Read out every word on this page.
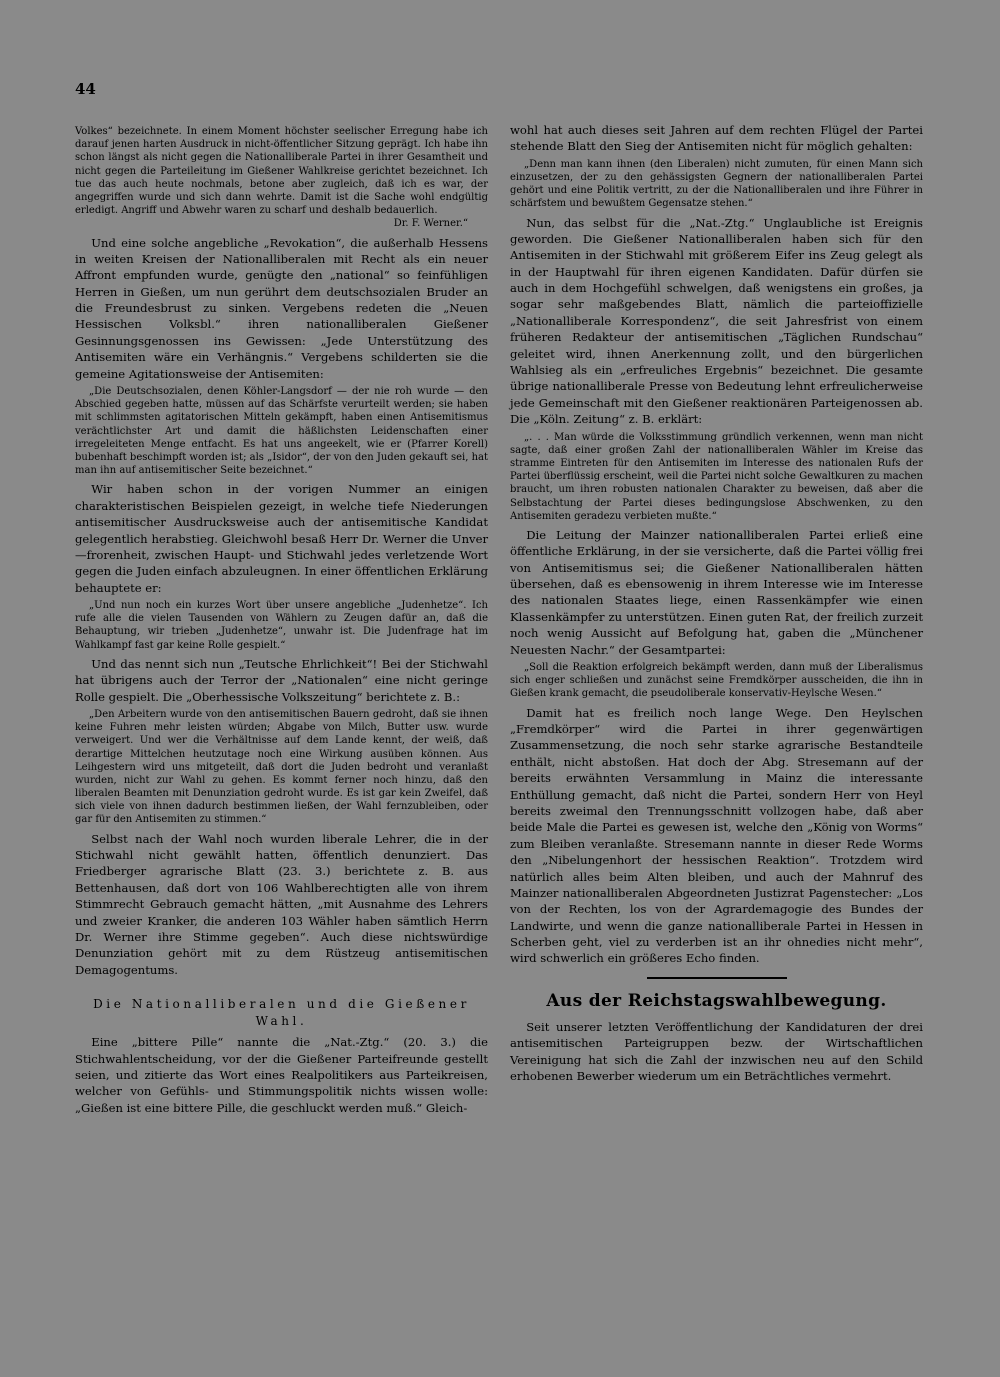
44

Volkes“ bezeichnete. In einem Moment höchster seelischer Erregung habe ich darauf jenen harten Ausdruck in nicht-öffentlicher Sitzung geprägt. Ich habe ihn schon längst als nicht gegen die Nationalliberale Partei in ihrer Gesamtheit und nicht gegen die Parteileitung im Gießener Wahlkreise gerichtet bezeichnet. Ich tue das auch heute nochmals, betone aber zugleich, daß ich es war, der angegriffen wurde und sich dann wehrte. Damit ist die Sache wohl endgültig erledigt. Angriff und Abwehr waren zu scharf und deshalb bedauerlich.

Dr. F. Werner.“

Und eine solche angebliche „Revokation“, die außerhalb Hessens in weiten Kreisen der Nationalliberalen mit Recht als ein neuer Affront empfunden wurde, genügte den „national“ so feinfühligen Herren in Gießen, um nun gerührt dem deutschsozialen Bruder an die Freundesbrust zu sinken. Vergebens redeten die „Neuen Hessischen Volksbl.“ ihren nationalliberalen Gießener Gesinnungsgenossen ins Gewissen: „Jede Unterstützung des Antisemiten wäre ein Verhängnis.“ Vergebens schilderten sie die gemeine Agitationsweise der Antisemiten:

„Die Deutschsozialen, denen Köhler-Langsdorf — der nie roh wurde — den Abschied gegeben hatte, müssen auf das Schärfste verurteilt werden; sie haben mit schlimmsten agitatorischen Mitteln gekämpft, haben einen Antisemitismus verächtlichster Art und damit die häßlichsten Leidenschaften einer irregeleiteten Menge entfacht. Es hat uns angeekelt, wie er (Pfarrer Korell) bubenhaft beschimpft worden ist; als „Isidor“, der von den Juden gekauft sei, hat man ihn auf antisemitischer Seite bezeichnet.“

Wir haben schon in der vorigen Nummer an einigen charakteristischen Beispielen gezeigt, in welche tiefe Niederungen antisemitischer Ausdrucksweise auch der antisemitische Kandidat gelegentlich herabstieg. Gleichwohl besaß Herr Dr. Werner die Unver—frorenheit, zwischen Haupt- und Stichwahl jedes verletzende Wort gegen die Juden einfach abzuleugnen. In einer öffentlichen Erklärung behauptete er:

„Und nun noch ein kurzes Wort über unsere angebliche „Judenhetze“. Ich rufe alle die vielen Tausenden von Wählern zu Zeugen dafür an, daß die Behauptung, wir trieben „Judenhetze“, unwahr ist. Die Judenfrage hat im Wahlkampf fast gar keine Rolle gespielt.“

Und das nennt sich nun „Teutsche Ehrlichkeit“! Bei der Stichwahl hat übrigens auch der Terror der „Nationalen“ eine nicht geringe Rolle gespielt. Die „Oberhessische Volkszeitung“ berichtete z. B.:

„Den Arbeitern wurde von den antisemitischen Bauern gedroht, daß sie ihnen keine Fuhren mehr leisten würden; Abgabe von Milch, Butter usw. wurde verweigert. Und wer die Verhältnisse auf dem Lande kennt, der weiß, daß derartige Mittelchen heutzutage noch eine Wirkung ausüben können. Aus Leihgestern wird uns mitgeteilt, daß dort die Juden bedroht und veranlaßt wurden, nicht zur Wahl zu gehen. Es kommt ferner noch hinzu, daß den liberalen Beamten mit Denunziation gedroht wurde. Es ist gar kein Zweifel, daß sich viele von ihnen dadurch bestimmen ließen, der Wahl fernzubleiben, oder gar für den Antisemiten zu stimmen.“

Selbst nach der Wahl noch wurden liberale Lehrer, die in der Stichwahl nicht gewählt hatten, öffentlich denunziert. Das Friedberger agrarische Blatt (23. 3.) berichtete z. B. aus Bettenhausen, daß dort von 106 Wahlberechtigten alle von ihrem Stimmrecht Gebrauch gemacht hätten, „mit Ausnahme des Lehrers und zweier Kranker, die anderen 103 Wähler haben sämtlich Herrn Dr. Werner ihre Stimme gegeben“. Auch diese nichtswürdige Denunziation gehört mit zu dem Rüstzeug antisemitischen Demagogentums.

Die Nationalliberalen und die Gießener Wahl.

Eine „bittere Pille“ nannte die „Nat.-Ztg.“ (20. 3.) die Stichwahlentscheidung, vor der die Gießener Parteifreunde gestellt seien, und zitierte das Wort eines Realpolitikers aus Parteikreisen, welcher von Gefühls- und Stimmungspolitik nichts wissen wolle: „Gießen ist eine bittere Pille, die geschluckt werden muß.“ Gleich-

wohl hat auch dieses seit Jahren auf dem rechten Flügel der Partei stehende Blatt den Sieg der Antisemiten nicht für möglich gehalten:

„Denn man kann ihnen (den Liberalen) nicht zumuten, für einen Mann sich einzusetzen, der zu den gehässigsten Gegnern der nationalliberalen Partei gehört und eine Politik vertritt, zu der die Nationalliberalen und ihre Führer in schärfstem und bewußtem Gegensatze stehen.“

Nun, das selbst für die „Nat.-Ztg.“ Unglaubliche ist Ereignis geworden. Die Gießener Nationalliberalen haben sich für den Antisemiten in der Stichwahl mit größerem Eifer ins Zeug gelegt als in der Hauptwahl für ihren eigenen Kandidaten. Dafür dürfen sie auch in dem Hochgefühl schwelgen, daß wenigstens ein großes, ja sogar sehr maßgebendes Blatt, nämlich die parteioffizielle „Nationalliberale Korrespondenz“, die seit Jahresfrist von einem früheren Redakteur der antisemitischen „Täglichen Rundschau“ geleitet wird, ihnen Anerkennung zollt, und den bürgerlichen Wahlsieg als ein „erfreuliches Ergebnis“ bezeichnet. Die gesamte übrige nationalliberale Presse von Bedeutung lehnt erfreulicherweise jede Gemeinschaft mit den Gießener reaktionären Parteigenossen ab. Die „Köln. Zeitung“ z. B. erklärt:

„. . . Man würde die Volksstimmung gründlich verkennen, wenn man nicht sagte, daß einer großen Zahl der nationalliberalen Wähler im Kreise das stramme Eintreten für den Antisemiten im Interesse des nationalen Rufs der Partei überflüssig erscheint, weil die Partei nicht solche Gewaltkuren zu machen braucht, um ihren robusten nationalen Charakter zu beweisen, daß aber die Selbstachtung der Partei dieses bedingungslose Abschwenken, zu den Antisemiten geradezu verbieten mußte.“

Die Leitung der Mainzer nationalliberalen Partei erließ eine öffentliche Erklärung, in der sie versicherte, daß die Partei völlig frei von Antisemitismus sei; die Gießener Nationalliberalen hätten übersehen, daß es ebensowenig in ihrem Interesse wie im Interesse des nationalen Staates liege, einen Rassenkämpfer wie einen Klassenkämpfer zu unterstützen. Einen guten Rat, der freilich zurzeit noch wenig Aussicht auf Befolgung hat, gaben die „Münchener Neuesten Nachr.“ der Gesamtpartei:

„Soll die Reaktion erfolgreich bekämpft werden, dann muß der Liberalismus sich enger schließen und zunächst seine Fremdkörper ausscheiden, die ihn in Gießen krank gemacht, die pseudoliberale konservativ-Heylsche Wesen.“

Damit hat es freilich noch lange Wege. Den Heylschen „Fremdkörper“ wird die Partei in ihrer gegenwärtigen Zusammensetzung, die noch sehr starke agrarische Bestandteile enthält, nicht abstoßen. Hat doch der Abg. Stresemann auf der bereits erwähnten Versammlung in Mainz die interessante Enthüllung gemacht, daß nicht die Partei, sondern Herr von Heyl bereits zweimal den Trennungsschnitt vollzogen habe, daß aber beide Male die Partei es gewesen ist, welche den „König von Worms“ zum Bleiben veranlaßte. Stresemann nannte in dieser Rede Worms den „Nibelungenhort der hessischen Reaktion“. Trotzdem wird natürlich alles beim Alten bleiben, und auch der Mahnruf des Mainzer nationalliberalen Abgeordneten Justizrat Pagenstecher: „Los von der Rechten, los von der Agrardemagogie des Bundes der Landwirte, und wenn die ganze nationalliberale Partei in Hessen in Scherben geht, viel zu verderben ist an ihr ohnedies nicht mehr“, wird schwerlich ein größeres Echo finden.

Aus der Reichstagswahlbewegung.

Seit unserer letzten Veröffentlichung der Kandidaturen der drei antisemitischen Parteigruppen bezw. der Wirtschaftlichen Vereinigung hat sich die Zahl der inzwischen neu auf den Schild erhobenen Bewerber wiederum um ein Beträchtliches vermehrt.
